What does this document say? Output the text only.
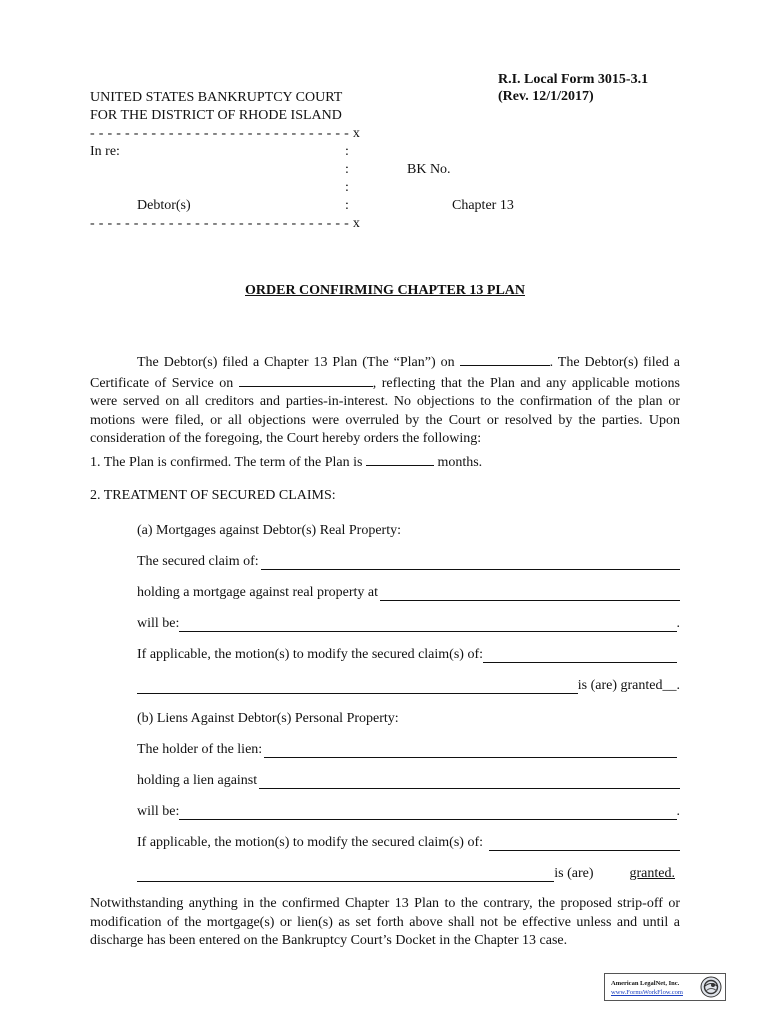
R.I. Local Form 3015-3.1
(Rev. 12/1/2017)
UNITED STATES BANKRUPTCY COURT
FOR THE DISTRICT OF RHODE ISLAND
- - - - - - - - - - - - - - - - - - - - - - - - - - - - - - x
In re:	:
:	BK No.
:
Debtor(s)	:	Chapter 13
- - - - - - - - - - - - - - - - - - - - - - - - - - - - - - x
ORDER CONFIRMING CHAPTER 13 PLAN
The Debtor(s) filed a Chapter 13 Plan (The “Plan”) on	. The Debtor(s) filed a Certificate of Service on	, reflecting that the Plan and any applicable motions were served on all creditors and parties-in-interest. No objections to the confirmation of the plan or motions were filed, or all objections were overruled by the Court or resolved by the parties. Upon consideration of the foregoing, the Court hereby orders the following:
1. The Plan is confirmed. The term of the Plan is	months.
2. TREATMENT OF SECURED CLAIMS:
(a) Mortgages against Debtor(s) Real Property:
The secured claim of:
holding a mortgage against real property at
will be:	.
If applicable, the motion(s) to modify the secured claim(s) of:
is (are) granted__.
(b) Liens Against Debtor(s) Personal Property:
The holder of the lien:
holding a lien against
will be:	.
If applicable, the motion(s) to modify the secured claim(s) of:
is (are)	granted.
Notwithstanding anything in the confirmed Chapter 13 Plan to the contrary, the proposed strip-off or modification of the mortgage(s) or lien(s) as set forth above shall not be effective unless and until a discharge has been entered on the Bankruptcy Court’s Docket in the Chapter 13 case.
American LegalNet, Inc.
www.FormsWorkFlow.com
